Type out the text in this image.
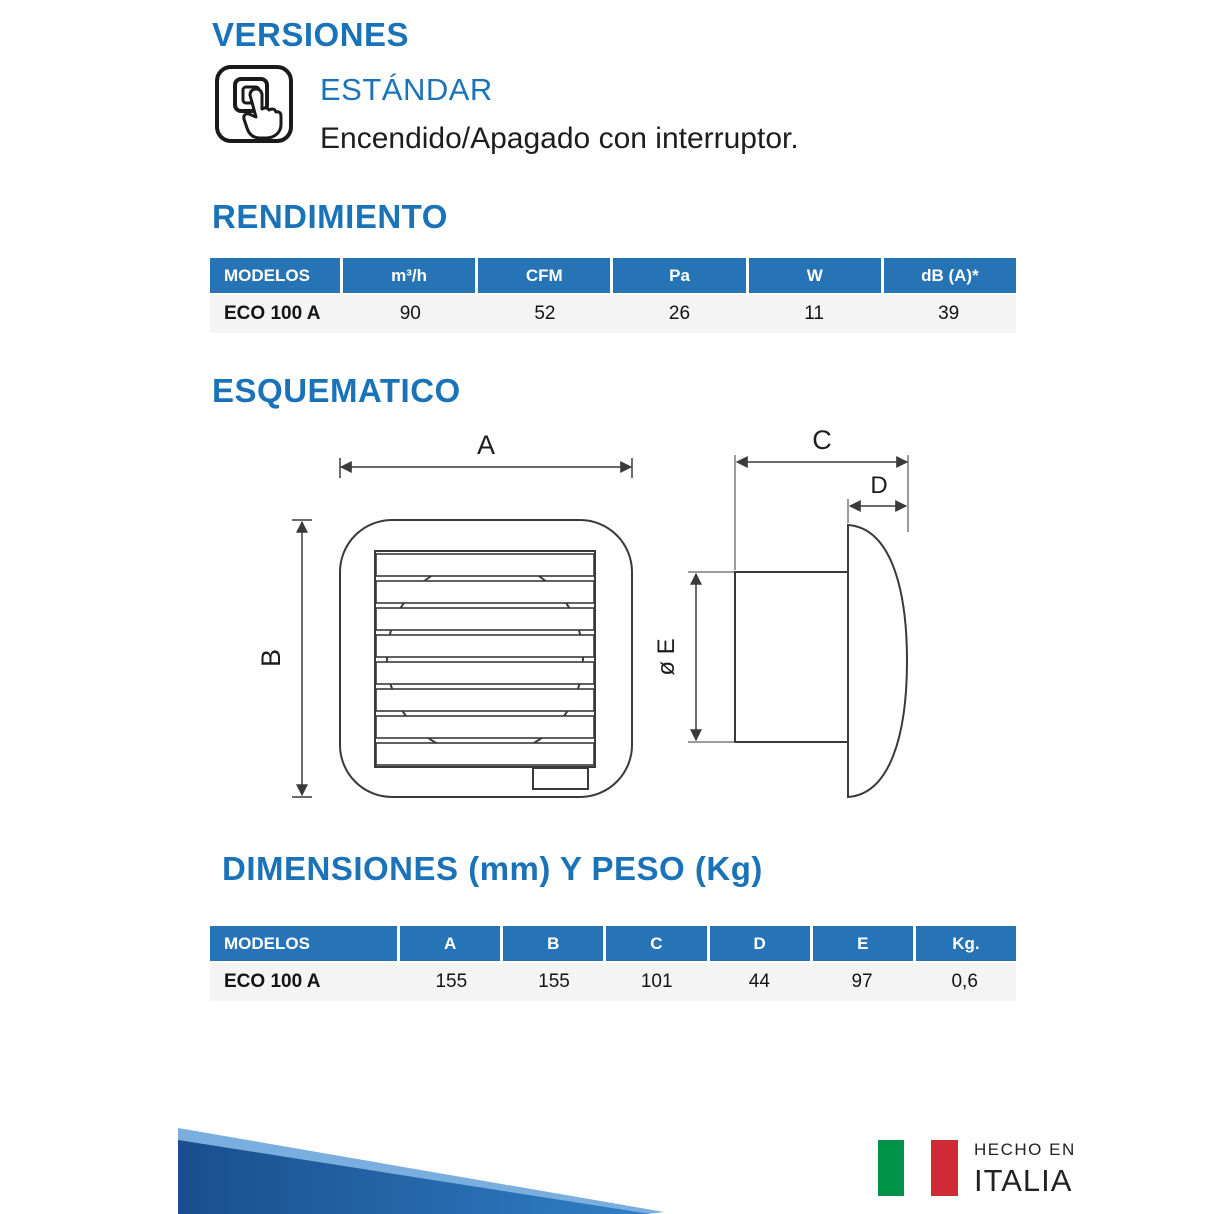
VERSIONES
ESTÁNDAR
Encendido/Apagado con interruptor.
RENDIMIENTO
MODELOS	m³/h	CFM	Pa	W	dB (A)*
ECO 100 A	90	52	26	11	39
ESQUEMATICO
A
B
C
D
ø E
DIMENSIONES (mm) Y PESO (Kg)
MODELOS	A	B	C	D	E	Kg.
ECO 100 A	155	155	101	44	97	0,6
HECHO EN
ITALIA
